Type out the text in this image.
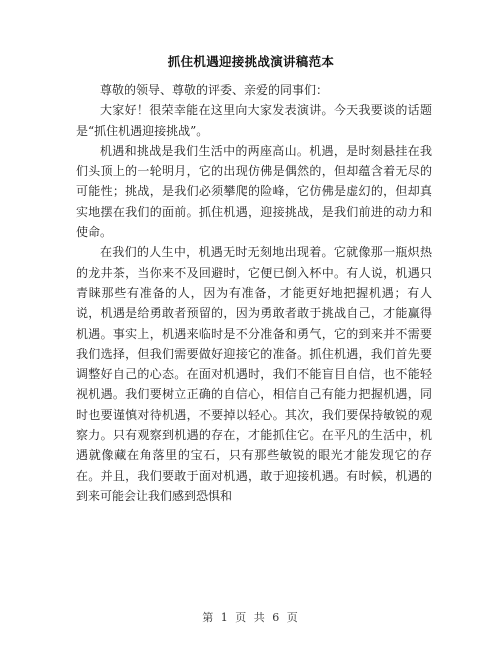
抓住机遇迎接挑战演讲稿范本

尊敬的领导、尊敬的评委、亲爱的同事们：

大家好！很荣幸能在这里向大家发表演讲。今天我要谈的话题是“抓住机遇迎接挑战”。

机遇和挑战是我们生活中的两座高山。机遇，是时刻悬挂在我们头顶上的一轮明月，它的出现仿佛是偶然的，但却蕴含着无尽的可能性；挑战，是我们必须攀爬的险峰，它仿佛是虚幻的，但却真实地摆在我们的面前。抓住机遇，迎接挑战，是我们前进的动力和使命。

在我们的人生中，机遇无时无刻地出现着。它就像那一瓶炽热的龙井茶，当你来不及回避时，它便已倒入杯中。有人说，机遇只青睐那些有准备的人，因为有准备，才能更好地把握机遇；有人说，机遇是给勇敢者预留的，因为勇敢者敢于挑战自己，才能赢得机遇。事实上，机遇来临时是不分准备和勇气，它的到来并不需要我们选择，但我们需要做好迎接它的准备。抓住机遇，我们首先要调整好自己的心态。在面对机遇时，我们不能盲目自信，也不能轻视机遇。我们要树立正确的自信心，相信自己有能力把握机遇，同时也要谨慎对待机遇，不要掉以轻心。其次，我们要保持敏锐的观察力。只有观察到机遇的存在，才能抓住它。在平凡的生活中，机遇就像藏在角落里的宝石，只有那些敏锐的眼光才能发现它的存在。并且，我们要敢于面对机遇，敢于迎接机遇。有时候，机遇的到来可能会让我们感到恐惧和

第 1 页 共 6 页
